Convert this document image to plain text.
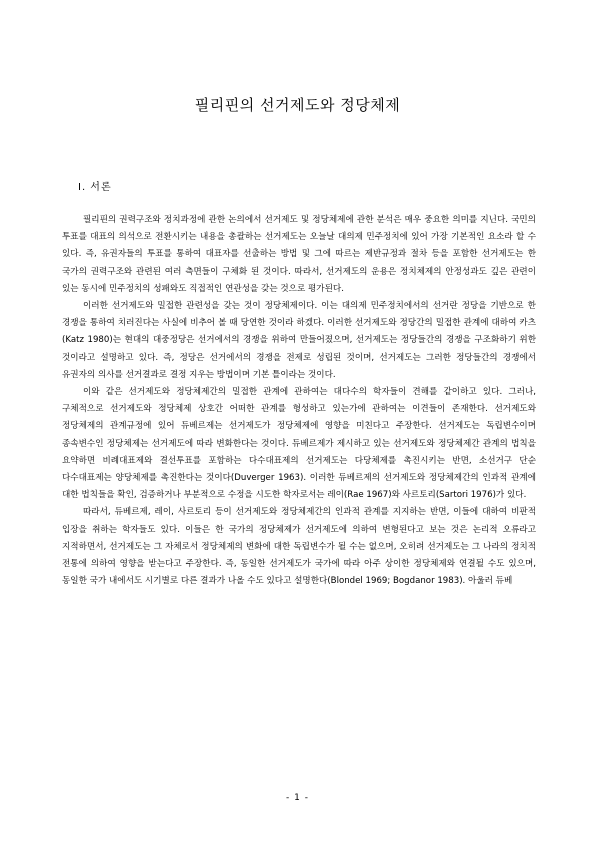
필리핀의 선거제도와 정당체제
Ⅰ. 서론

필리핀의 권력구조와 정치과정에 관한 논의에서 선거제도 및 정당체제에 관한 분석은 매우 중요한 의미를 지닌다. 국민의 투표를 대표의 의석으로 전환시키는 내용을 총괄하는 선거제도는 오늘날 대의제 민주정치에 있어 가장 기본적인 요소라 할 수 있다. 즉, 유권자들의 투표를 통하여 대표자를 선출하는 방법 및 그에 따르는 제반규정과 절차 등을 포함한 선거제도는 한 국가의 권력구조와 관련된 여러 측면들이 구체화 된 것이다. 따라서, 선거제도의 운용은 정치체제의 안정성과도 깊은 관련이 있는 동시에 민주정치의 성패와도 직접적인 연관성을 갖는 것으로 평가된다.

이러한 선거제도와 밀접한 관련성을 갖는 것이 정당체제이다. 이는 대의제 민주정치에서의 선거란 정당을 기반으로 한 경쟁을 통하여 치러진다는 사실에 비추어 볼 때 당연한 것이라 하겠다. 이러한 선거제도와 정당간의 밀접한 관계에 대하여 카츠(Katz 1980)는 현대의 대중정당은 선거에서의 경쟁을 위하여 만들어졌으며, 선거제도는 정당들간의 경쟁을 구조화하기 위한 것이라고 설명하고 있다. 즉, 정당은 선거에서의 경쟁을 전제로 성립된 것이며, 선거제도는 그러한 정당들간의 경쟁에서 유권자의 의사를 선거결과로 결정 지우는 방법이며 기본 틀이라는 것이다.

이와 같은 선거제도와 정당체제간의 밀접한 관계에 관하여는 대다수의 학자들이 견해를 같이하고 있다. 그러나, 구체적으로 선거제도와 정당체제 상호간 어떠한 관계를 형성하고 있는가에 관하여는 이견들이 존재한다. 선거제도와 정당체제의 관계규정에 있어 듀베르제는 선거제도가 정당체제에 영향을 미친다고 주장한다. 선거제도는 독립변수이며 종속변수인 정당체제는 선거제도에 따라 변화한다는 것이다. 듀베르제가 제시하고 있는 선거제도와 정당체제간 관계의 법칙을 요약하면 비례대표제와 결선투표를 포함하는 다수대표제의 선거제도는 다당체제를 촉진시키는 반면, 소선거구 단순 다수대표제는 양당체제를 촉진한다는 것이다(Duverger 1963). 이러한 듀베르제의 선거제도와 정당체제간의 인과적 관계에 대한 법칙들을 확인, 검증하거나 부분적으로 수정을 시도한 학자로서는 레이(Rae 1967)와 사르토리(Sartori 1976)가 있다.

따라서, 듀베르제, 레이, 사르토리 등이 선거제도와 정당체제간의 인과적 관계를 지지하는 반면, 이들에 대하여 비판적 입장을 취하는 학자들도 있다. 이들은 한 국가의 정당체제가 선거제도에 의하여 변형된다고 보는 것은 논리적 오류라고 지적하면서, 선거제도는 그 자체로서 정당체제의 변화에 대한 독립변수가 될 수는 없으며, 오히려 선거제도는 그 나라의 정치적 전통에 의하여 영향을 받는다고 주장한다. 즉, 동일한 선거제도가 국가에 따라 아주 상이한 정당체제와 연결될 수도 있으며, 동일한 국가 내에서도 시기별로 다른 결과가 나올 수도 있다고 설명한다(Blondel 1969; Bogdanor 1983). 아울러 듀베

- 1 -
